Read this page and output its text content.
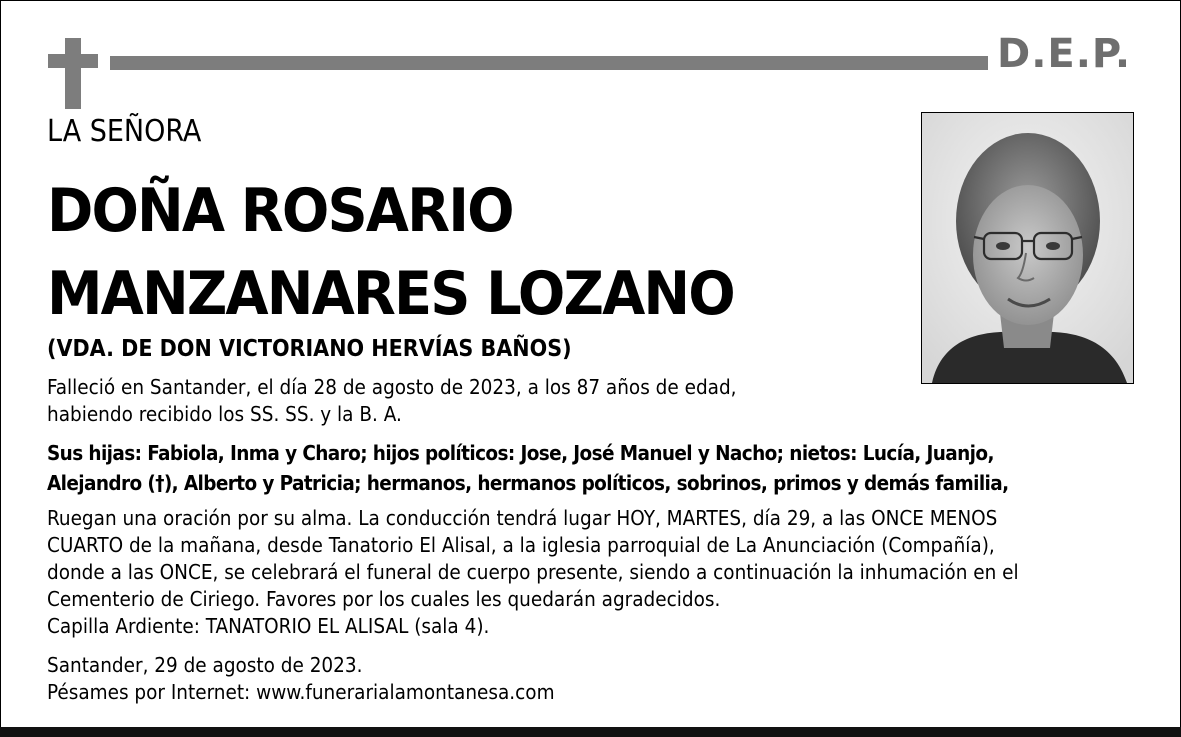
D.E.P.
LA SEÑORA
DOÑA ROSARIO
MANZANARES LOZANO
(VDA. DE DON VICTORIANO HERVÍAS BAÑOS)
Falleció en Santander, el día 28 de agosto de 2023, a los 87 años de edad,
habiendo recibido los SS. SS. y la B. A.
Sus hijas: Fabiola, Inma y Charo; hijos políticos: Jose, José Manuel y Nacho; nietos: Lucía, Juanjo,
Alejandro (†), Alberto y Patricia; hermanos, hermanos políticos, sobrinos, primos y demás familia,
Ruegan una oración por su alma. La conducción tendrá lugar HOY, MARTES, día 29, a las ONCE MENOS
CUARTO de la mañana, desde Tanatorio El Alisal, a la iglesia parroquial de La Anunciación (Compañía),
donde a las ONCE, se celebrará el funeral de cuerpo presente, siendo a continuación la inhumación en el
Cementerio de Ciriego. Favores por los cuales les quedarán agradecidos.
Capilla Ardiente: TANATORIO EL ALISAL (sala 4).
Santander, 29 de agosto de 2023.
Pésames por Internet: www.funerarialamontanesa.com
